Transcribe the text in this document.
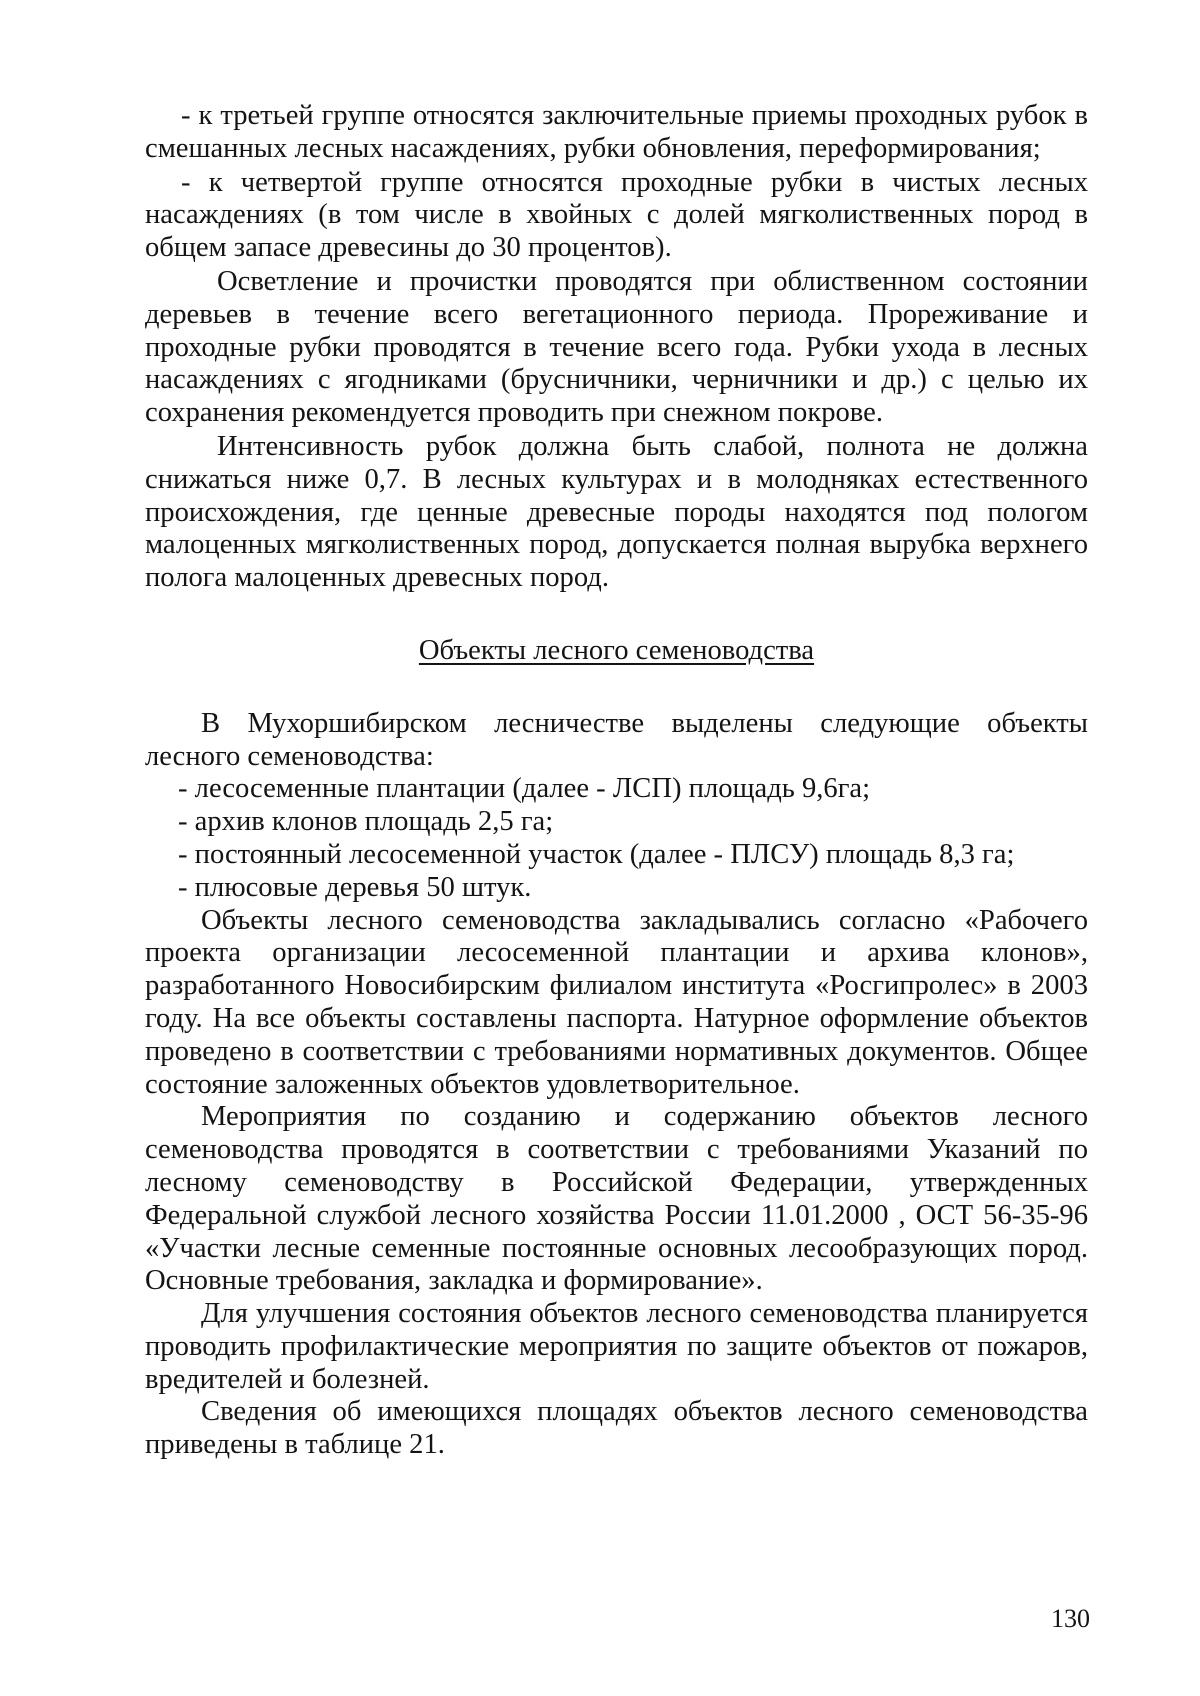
- к третьей группе относятся заключительные приемы проходных рубок в смешанных лесных насаждениях, рубки обновления, переформирования;

- к четвертой группе относятся проходные рубки в чистых лесных насаждениях (в том числе в хвойных с долей мягколиственных пород в общем запасе древесины до 30 процентов).

Осветление и прочистки проводятся при облиственном состоянии деревьев в течение всего вегетационного периода. Прореживание и проходные рубки проводятся в течение всего года. Рубки ухода в лесных насаждениях с ягодниками (брусничники, черничники и др.) с целью их сохранения рекомендуется проводить при снежном покрове.

Интенсивность рубок должна быть слабой, полнота не должна снижаться ниже 0,7. В лесных культурах и в молодняках естественного происхождения, где ценные древесные породы находятся под пологом малоценных мягколиственных пород, допускается полная вырубка верхнего полога малоценных древесных пород.

Объекты лесного семеноводства

В Мухоршибирском лесничестве выделены следующие объекты лесного семеноводства:

- лесосеменные плантации (далее - ЛСП) площадь 9,6га;

- архив клонов площадь 2,5 га;

- постоянный лесосеменной участок (далее - ПЛСУ) площадь 8,3 га;

- плюсовые деревья 50 штук.

Объекты лесного семеноводства закладывались согласно «Рабочего проекта организации лесосеменной плантации и архива клонов», разработанного Новосибирским филиалом института «Росгипролес» в 2003 году. На все объекты составлены паспорта. Натурное оформление объектов проведено в соответствии с требованиями нормативных документов. Общее состояние заложенных объектов удовлетворительное.

Мероприятия по созданию и содержанию объектов лесного семеноводства проводятся в соответствии с требованиями Указаний по лесному семеноводству в Российской Федерации, утвержденных Федеральной службой лесного хозяйства России 11.01.2000 , ОСТ 56-35-96 «Участки лесные семенные постоянные основных лесообразующих пород. Основные требования, закладка и формирование».

Для улучшения состояния объектов лесного семеноводства планируется проводить профилактические мероприятия по защите объектов от пожаров, вредителей и болезней.

Сведения об имеющихся площадях объектов лесного семеноводства приведены в таблице 21.

130
